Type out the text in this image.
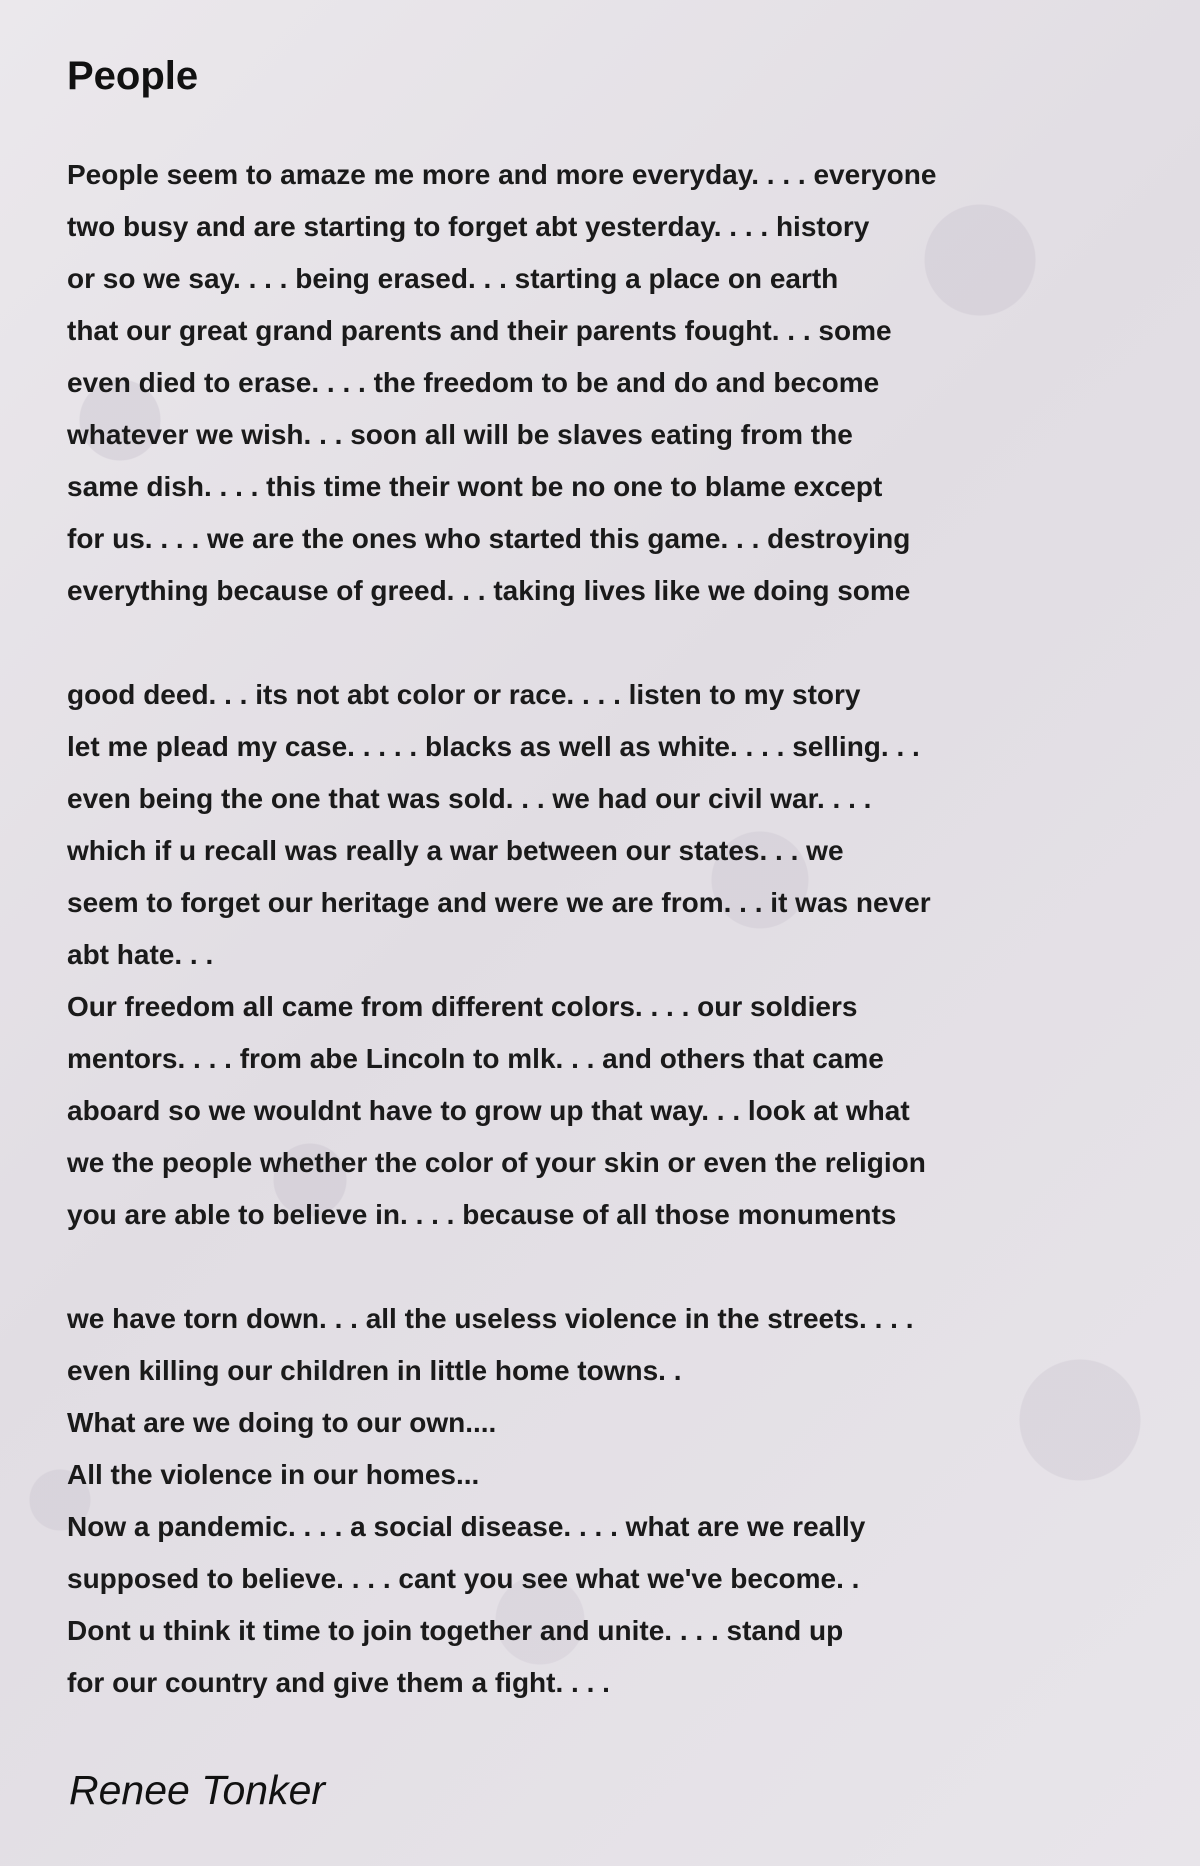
People
People seem to amaze me more and more everyday. . . . everyone
two busy and are starting to forget abt yesterday. . . . history
or so we say. . . . being erased. . . starting a place on earth
that our great grand parents and their parents fought. . . some
even died to erase. . . . the freedom to be and do and become
whatever we wish. . . soon all will be slaves eating from the
same dish. . . . this time their wont be no one to blame except
for us. . . . we are the ones who started this game. . . destroying
everything because of greed. . . taking lives like we doing some
good deed. . . its not abt color or race. . . . listen to my story
let me plead my case. . . . . blacks as well as white. . . . selling. . .
even being the one that was sold. . . we had our civil war. . . .
which if u recall was really a war between our states. . . we
seem to forget our heritage and were we are from. . . it was never
abt hate. . .
Our freedom all came from different colors. . . . our soldiers
mentors. . . . from abe Lincoln to mlk. . . and others that came
aboard so we wouldnt have to grow up that way. . . look at what
we the people whether the color of your skin or even the religion
you are able to believe in. . . . because of all those monuments
we have torn down. . . all the useless violence in the streets. . . .
even killing our children in little home towns. .
What are we doing to our own....
All the violence in our homes...
Now a pandemic. . . . a social disease. . . . what are we really
supposed to believe. . . . cant you see what we've become. .
Dont u think it time to join together and unite. . . . stand up
for our country and give them a fight. . . .

Renee Tonker
